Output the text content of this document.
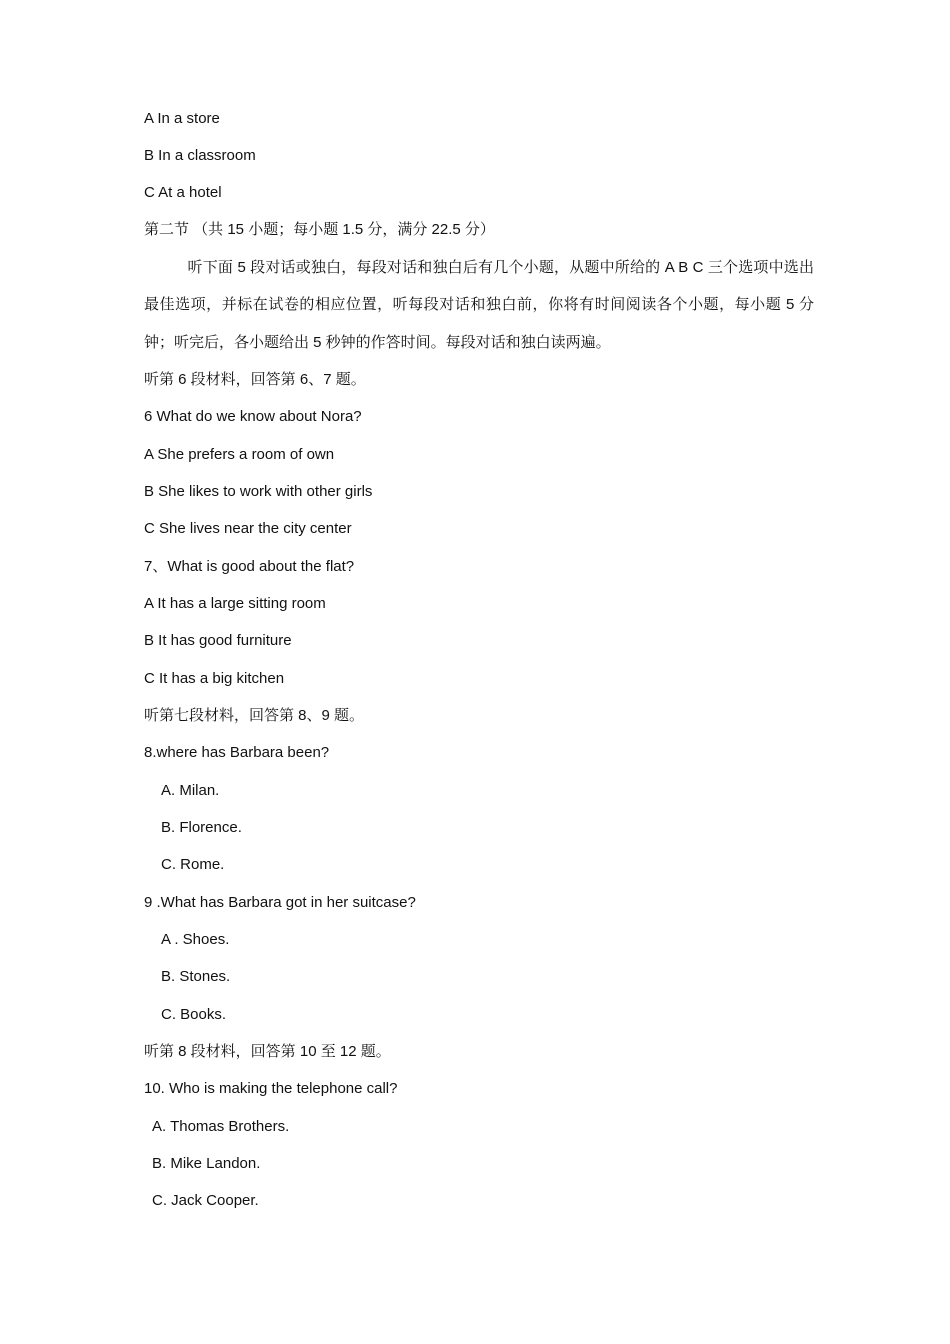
A In a store
B In a classroom
C At a hotel
第二节 （共 15 小题；每小题 1.5 分，满分 22.5 分）
听下面 5 段对话或独白，每段对话和独白后有几个小题，从题中所给的 A B C 三个选项中选出最佳选项，并标在试卷的相应位置，听每段对话和独白前，你将有时间阅读各个小题，每小题 5 分钟；听完后，各小题给出 5 秒钟的作答时间。每段对话和独白读两遍。
听第 6 段材料，回答第 6、7 题。
6 What do we know about Nora?
A She prefers a room of own
B She likes to work with other girls
C She lives near the city center
7、What is good about the flat?
A It has a large sitting room
B It has good furniture
C It has a big kitchen
听第七段材料，回答第 8、9 题。
8.where has Barbara been?
A. Milan.
B. Florence.
C. Rome.
9 .What has Barbara got in her suitcase?
A . Shoes.
B. Stones.
C. Books.
听第 8 段材料，回答第 10 至 12 题。
10. Who is making the telephone call?
A. Thomas Brothers.
B. Mike Landon.
C. Jack Cooper.
